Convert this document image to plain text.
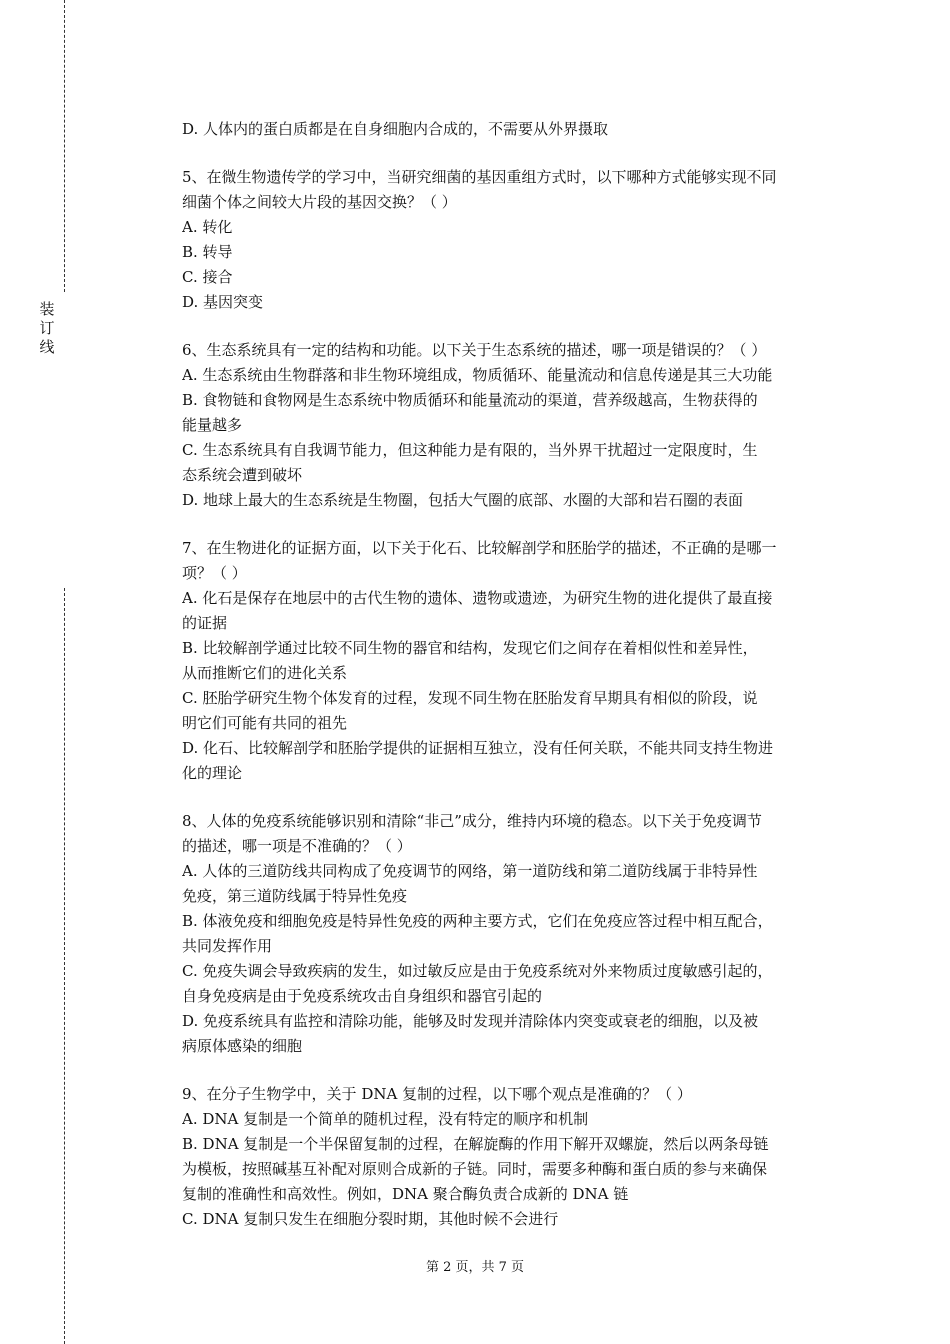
装
订
线
D. 人体内的蛋白质都是在自身细胞内合成的，不需要从外界摄取
5、在微生物遗传学的学习中，当研究细菌的基因重组方式时，以下哪种方式能够实现不同
细菌个体之间较大片段的基因交换？（ ）
A. 转化
B. 转导
C. 接合
D. 基因突变
6、生态系统具有一定的结构和功能。以下关于生态系统的描述，哪一项是错误的？（ ）
A. 生态系统由生物群落和非生物环境组成，物质循环、能量流动和信息传递是其三大功能
B. 食物链和食物网是生态系统中物质循环和能量流动的渠道，营养级越高，生物获得的
能量越多
C. 生态系统具有自我调节能力，但这种能力是有限的，当外界干扰超过一定限度时，生
态系统会遭到破坏
D. 地球上最大的生态系统是生物圈，包括大气圈的底部、水圈的大部和岩石圈的表面
7、在生物进化的证据方面，以下关于化石、比较解剖学和胚胎学的描述，不正确的是哪一
项？（ ）
A. 化石是保存在地层中的古代生物的遗体、遗物或遗迹，为研究生物的进化提供了最直接
的证据
B. 比较解剖学通过比较不同生物的器官和结构，发现它们之间存在着相似性和差异性，
从而推断它们的进化关系
C. 胚胎学研究生物个体发育的过程，发现不同生物在胚胎发育早期具有相似的阶段，说
明它们可能有共同的祖先
D. 化石、比较解剖学和胚胎学提供的证据相互独立，没有任何关联，不能共同支持生物进
化的理论
8、人体的免疫系统能够识别和清除“非己”成分，维持内环境的稳态。以下关于免疫调节
的描述，哪一项是不准确的？（ ）
A. 人体的三道防线共同构成了免疫调节的网络，第一道防线和第二道防线属于非特异性
免疫，第三道防线属于特异性免疫
B. 体液免疫和细胞免疫是特异性免疫的两种主要方式，它们在免疫应答过程中相互配合，
共同发挥作用
C. 免疫失调会导致疾病的发生，如过敏反应是由于免疫系统对外来物质过度敏感引起的，
自身免疫病是由于免疫系统攻击自身组织和器官引起的
D. 免疫系统具有监控和清除功能，能够及时发现并清除体内突变或衰老的细胞，以及被
病原体感染的细胞
9、在分子生物学中，关于 DNA 复制的过程，以下哪个观点是准确的？（ ）
A. DNA 复制是一个简单的随机过程，没有特定的顺序和机制
B. DNA 复制是一个半保留复制的过程，在解旋酶的作用下解开双螺旋，然后以两条母链
为模板，按照碱基互补配对原则合成新的子链。同时，需要多种酶和蛋白质的参与来确保
复制的准确性和高效性。例如，DNA 聚合酶负责合成新的 DNA 链
C. DNA 复制只发生在细胞分裂时期，其他时候不会进行
第 2 页，共 7 页
